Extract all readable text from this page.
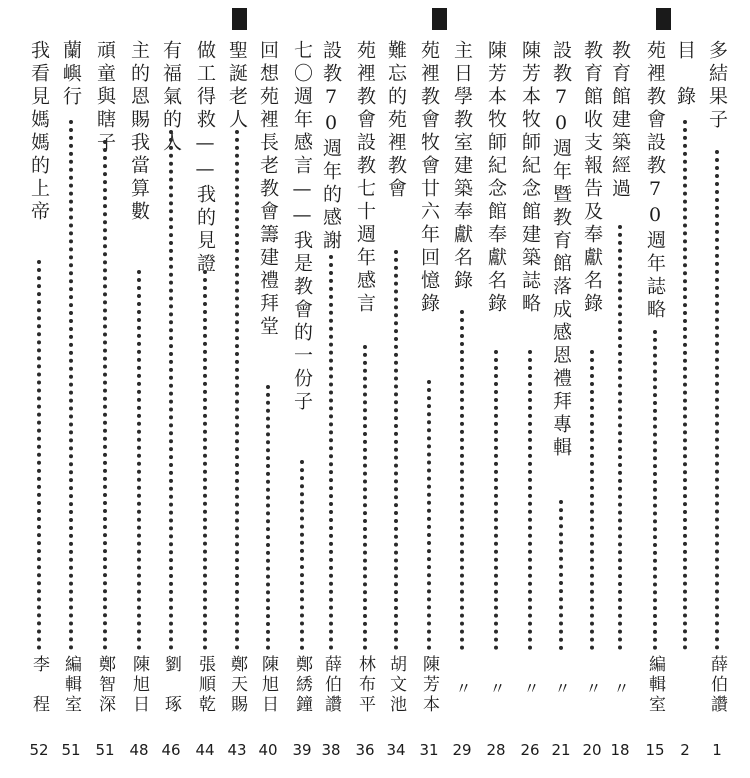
多結果子
薛伯讚
1
目　錄
2
苑裡教會設教70週年誌略
編輯室
15
教育館建築經過
〃
18
教育館收支報告及奉獻名錄
〃
20
設教70週年暨教育館落成感恩禮拜專輯
〃
21
陳芳本牧師紀念館建築誌略
〃
26
陳芳本牧師紀念館奉獻名錄
〃
28
主日學教室建築奉獻名錄
〃
29
苑裡教會牧會廿六年回憶錄
陳芳本
31
難忘的苑裡教會
胡文池
34
苑裡教會設教七十週年感言
林布平
36
設教70週年的感謝
薛伯讚
38
七〇週年感言——我是教會的一份子
鄭綉鐘
39
回想苑裡長老教會籌建禮拜堂
陳旭日
40
聖誕老人
鄭天賜
43
做工得救——我的見證
張順乾
44
有福氣的人
劉　琢
46
主的恩賜我當算數
陳旭日
48
頑童與瞎子
鄭智深
51
蘭嶼行
編輯室
51
我看見媽媽的上帝
李　程
52
